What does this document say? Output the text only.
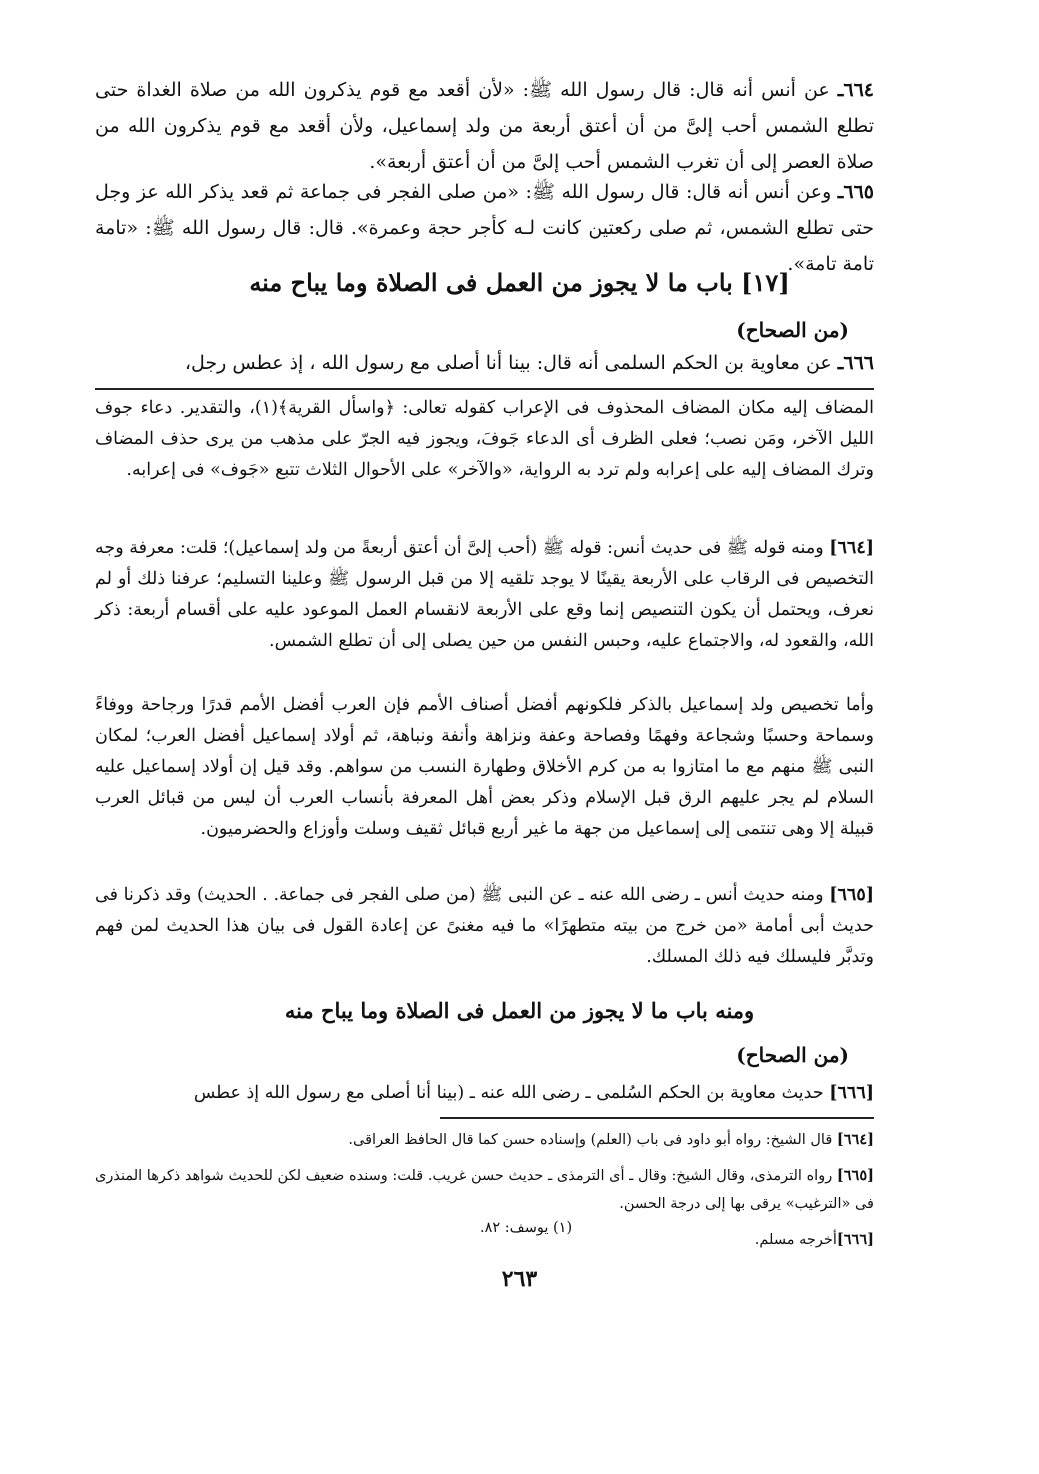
٦٦٤ـ عن أنس أنه قال: قال رسول الله ﷺ: «لأن أقعد مع قوم يذكرون الله من صلاة الغداة حتى تطلع الشمس أحب إلىَّ من أن أعتق أربعة من ولد إسماعيل، ولأن أقعد مع قوم يذكرون الله من صلاة العصر إلى أن تغرب الشمس أحب إلىَّ من أن أعتق أربعة».
٦٦٥ـ وعن أنس أنه قال: قال رسول الله ﷺ: «من صلى الفجر فى جماعة ثم قعد يذكر الله عز وجل حتى تطلع الشمس، ثم صلى ركعتين كانت لـه كأجر حجة وعمرة». قال: قال رسول الله ﷺ: «تامة تامة تامة».
[١٧] باب ما لا يجوز من العمل فى الصلاة وما يباح منه
(من الصحاح)
٦٦٦ـ عن معاوية بن الحكم السلمى أنه قال: بينا أنا أصلى مع رسول الله ، إذ عطس رجل،
المضاف إليه مكان المضاف المحذوف فى الإعراب كقوله تعالى: ﴿واسأل القرية﴾(١)، والتقدير. دعاء جوف الليل الآخر، ومَن نصب؛ فعلى الظرف أى الدعاء جَوفَ، ويجوز فيه الجرّ على مذهب من يرى حذف المضاف وترك المضاف إليه على إعرابه ولم ترد به الرواية، «والآخر» على الأحوال الثلاث تتبع «جَوف» فى إعرابه.
[٦٦٤] ومنه قوله ﷺ فى حديث أنس: قوله ﷺ (أحب إلىَّ أن أعتق أربعةً من ولد إسماعيل)؛ قلت: معرفة وجه التخصيص فى الرقاب على الأربعة يقينًا لا يوجد تلقيه إلا من قبل الرسول ﷺ وعلينا التسليم؛ عرفنا ذلك أو لم نعرف، ويحتمل أن يكون التنصيص إنما وقع على الأربعة لانقسام العمل الموعود عليه على أقسام أربعة: ذكر الله، والقعود له، والاجتماع عليه، وحبس النفس من حين يصلى إلى أن تطلع الشمس.
وأما تخصيص ولد إسماعيل بالذكر فلكونهم أفضل أصناف الأمم فإن العرب أفضل الأمم قدرًا ورجاحة ووفاءً وسماحة وحسبًا وشجاعة وفهمًا وفصاحة وعفة ونزاهة وأنفة ونباهة، ثم أولاد إسماعيل أفضل العرب؛ لمكان النبى ﷺ منهم مع ما امتازوا به من كرم الأخلاق وطهارة النسب من سواهم. وقد قيل إن أولاد إسماعيل عليه السلام لم يجر عليهم الرق قبل الإسلام وذكر بعض أهل المعرفة بأنساب العرب أن ليس من قبائل العرب قبيلة إلا وهى تنتمى إلى إسماعيل من جهة ما غير أربع قبائل ثقيف وسلت وأوزاع والحضرميون.
[٦٦٥] ومنه حديث أنس ـ رضى الله عنه ـ عن النبى ﷺ (من صلى الفجر فى جماعة. . الحديث) وقد ذكرنا فى حديث أبى أمامة «من خرج من بيته متطهرًا» ما فيه مغنىً عن إعادة القول فى بيان هذا الحديث لمن فهم وتدبَّر فليسلك فيه ذلك المسلك.
ومنه باب ما لا يجوز من العمل فى الصلاة وما يباح منه
(من الصحاح)
[٦٦٦] حديث معاوية بن الحكم السُلمى ـ رضى الله عنه ـ (بينا أنا أصلى مع رسول الله إذ عطس
[٦٦٤] قال الشيخ: رواه أبو داود فى باب (العلم) وإسناده حسن كما قال الحافظ العراقى.
[٦٦٥] رواه الترمذى، وقال الشيخ: وقال ـ أى الترمذى ـ حديث حسن غريب. قلت: وسنده ضعيف لكن للحديث شواهد ذكرها المنذرى فى «الترغيب» يرقى بها إلى درجة الحسن.
[٦٦٦]أخرجه مسلم.
(١) يوسف: ٨٢.
٢٦٣
